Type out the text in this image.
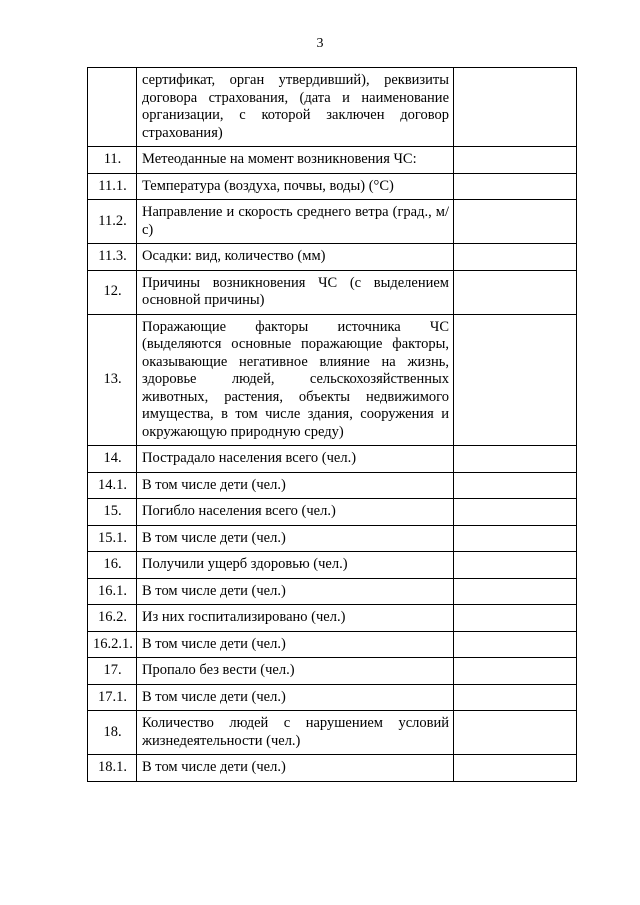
3
	сертификат, орган утвердивший), реквизиты договора страхования, (дата и наименование организации, с которой заключен договор страхования)	
11.	Метеоданные на момент возникновения ЧС:	
11.1.	Температура (воздуха, почвы, воды) (°С)	
11.2.	Направление и скорость среднего ветра (град., м/с)	
11.3.	Осадки: вид, количество (мм)	
12.	Причины возникновения ЧС (с выделением основной причины)	
13.	Поражающие факторы источника ЧС (выделяются основные поражающие факторы, оказывающие негативное влияние на жизнь, здоровье людей, сельскохозяйственных животных, растения, объекты недвижимого имущества, в том числе здания, сооружения и окружающую природную среду)	
14.	Пострадало населения всего (чел.)	
14.1.	В том числе дети (чел.)	
15.	Погибло населения всего (чел.)	
15.1.	В том числе дети (чел.)	
16.	Получили ущерб здоровью (чел.)	
16.1.	В том числе дети (чел.)	
16.2.	Из них госпитализировано (чел.)	
16.2.1.	В том числе дети (чел.)	
17.	Пропало без вести (чел.)	
17.1.	В том числе дети (чел.)	
18.	Количество людей с нарушением условий жизнедеятельности (чел.)	
18.1.	В том числе дети (чел.)	
